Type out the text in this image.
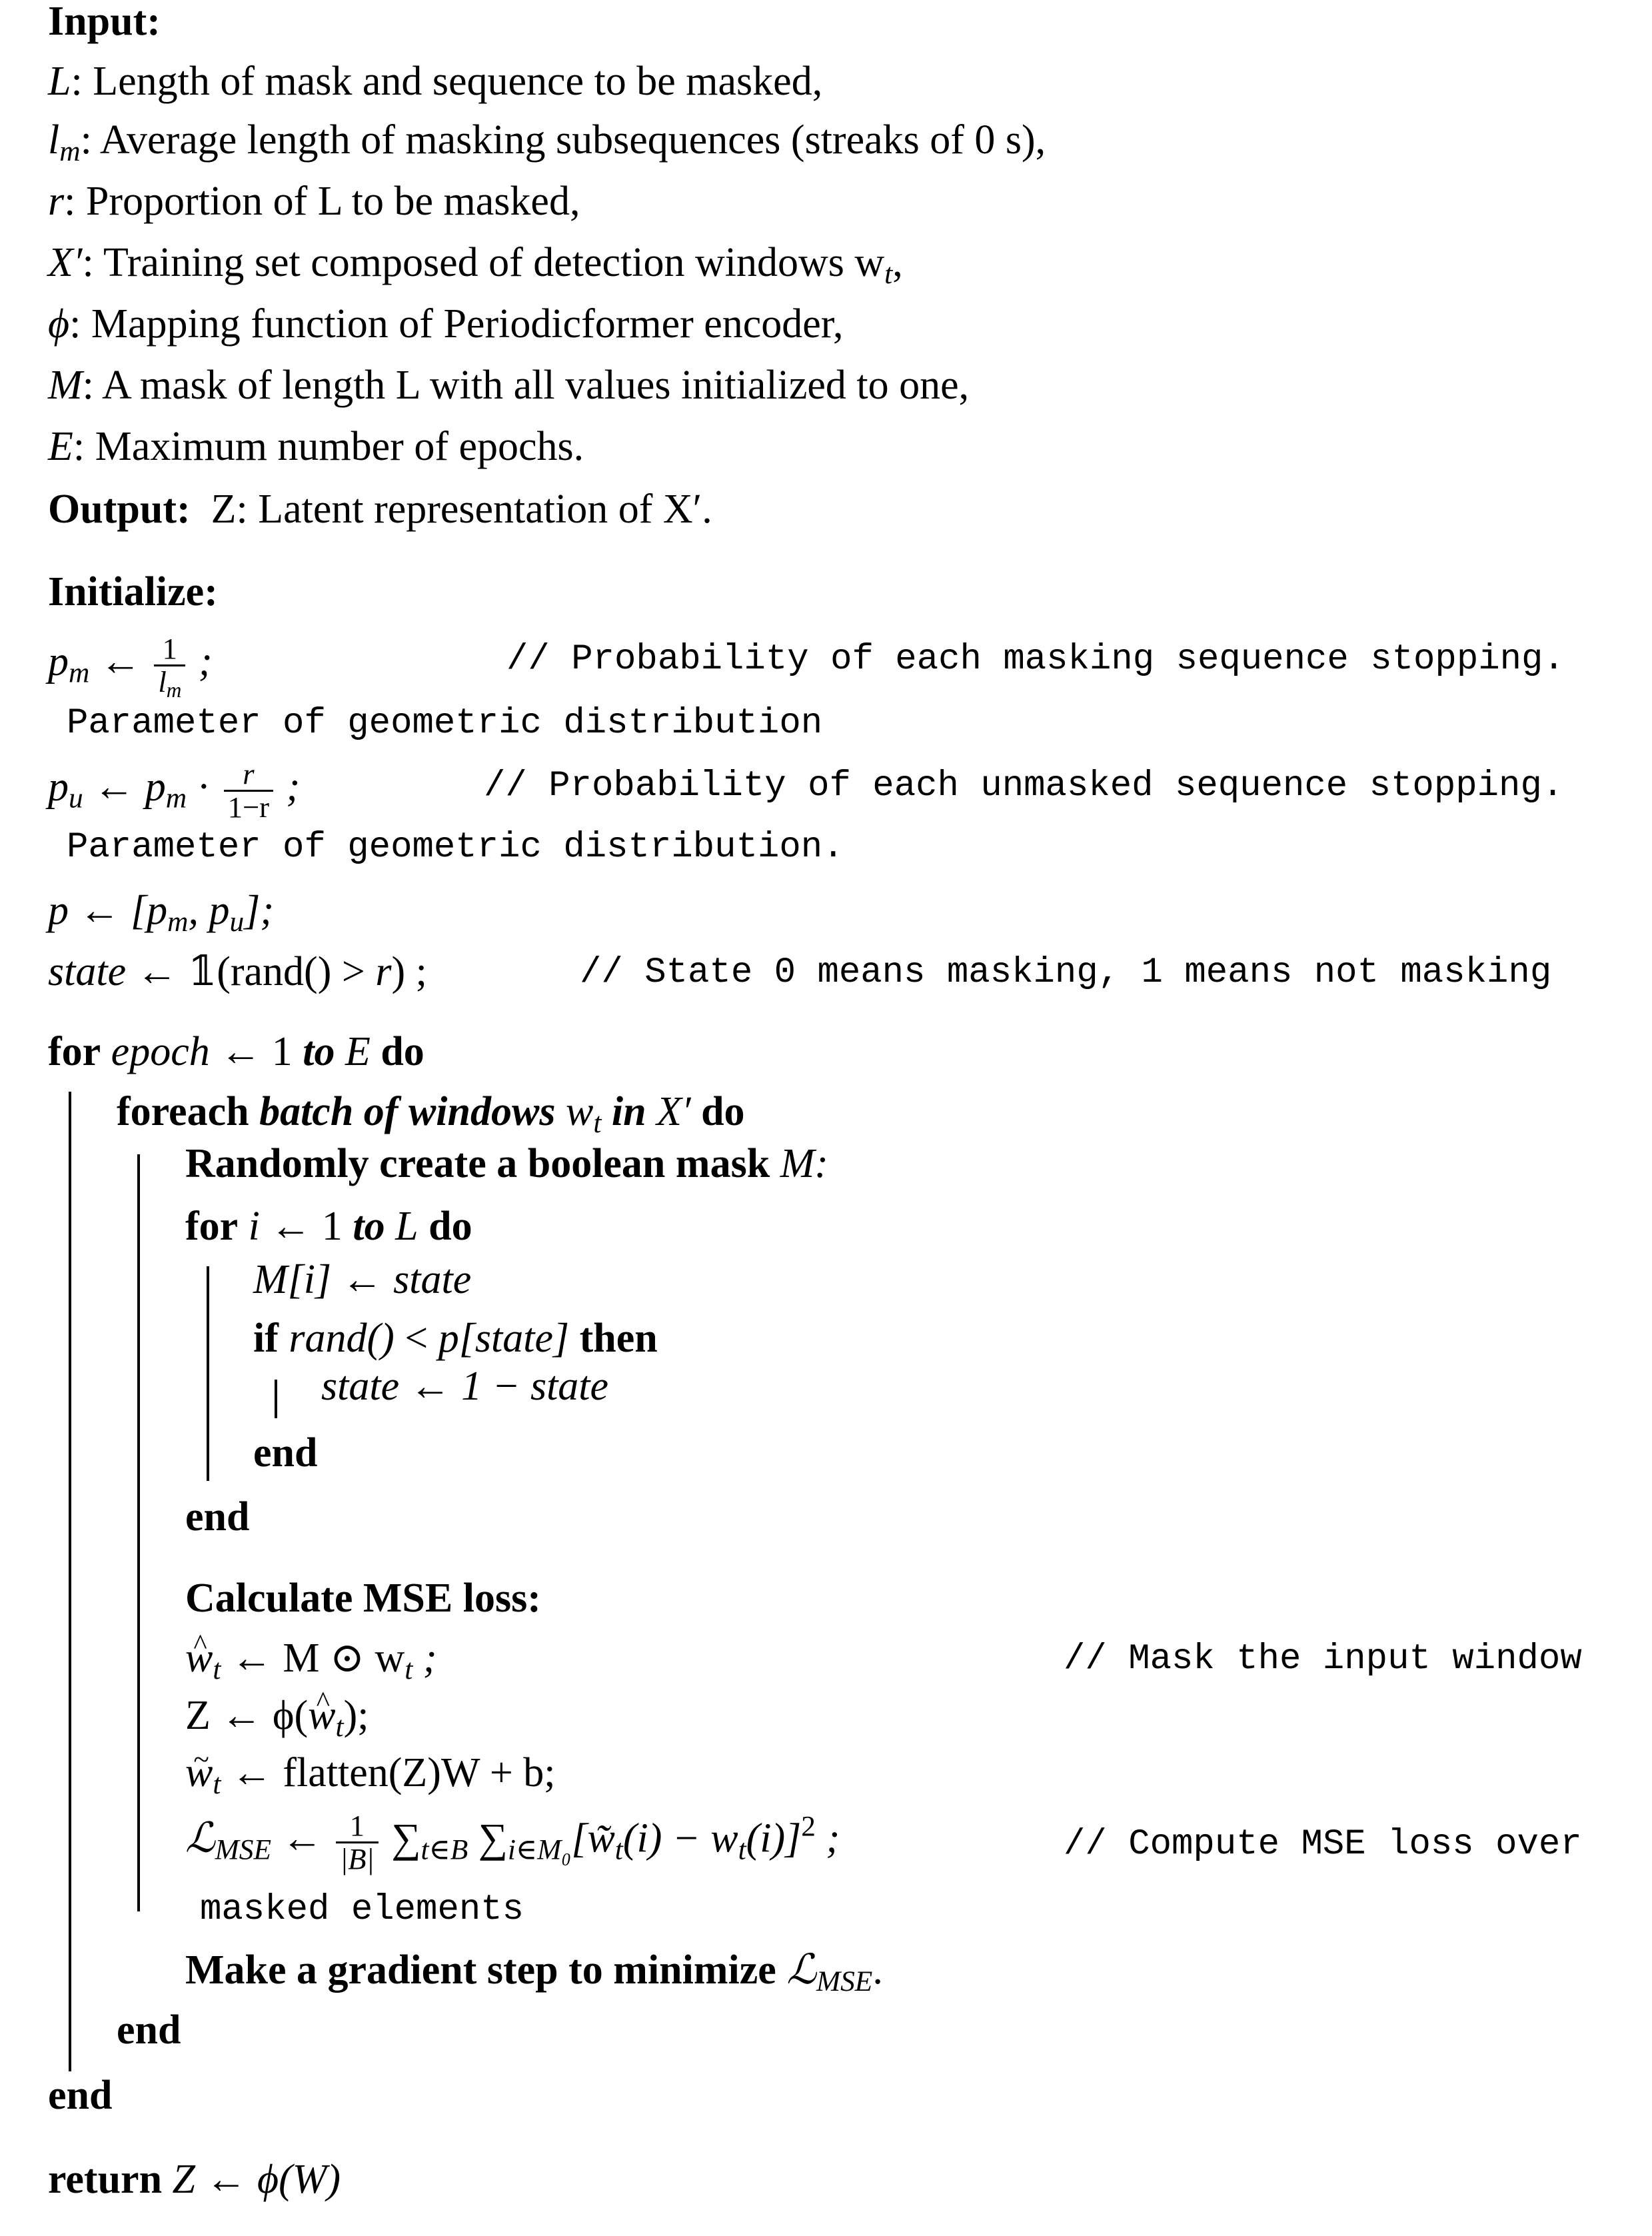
Input:
L: Length of mask and sequence to be masked,
$l_m$: Average length of masking subsequences (streaks of 0 s),
r: Proportion of L to be masked,
X′: Training set composed of detection windows $w_t$,
ϕ: Mapping function of Periodicformer encoder,
M: A mask of length L with all values initialized to one,
E: Maximum number of epochs.
Output: Z: Latent representation of X′.
Initialize:
$p_m$ ← $\frac{1}{l_m}$ ;	// Probability of each masking sequence stopping.
Parameter of geometric distribution
$p_u$ ← $p_m \cdot \frac{r}{1-r}$ ;	// Probability of each unmasked sequence stopping.
Parameter of geometric distribution.
p ← [$p_m$, $p_u$];
state ← 𝟙(rand() > r) ;	// State 0 means masking, 1 means not masking
for epoch ← 1 to E do
foreach batch of windows $w_t$ in X′ do
Randomly create a boolean mask M:
for i ← 1 to L do
M[i] ← state
if rand() < p[state] then
state ← 1 − state
end
end
Calculate MSE loss:
^ $w_t$ ← M ⊙ $w_t$ ;	// Mask the input window
Z ← ϕ(^ $w_t$);
~ $w_t$ ← flatten(Z)W + b;
ℒ$_{MSE}$ ← $\frac{1}{|B|} \sum_{t\in B}$ $\sum_{i\in M_0}[w̃_t(i) - w_t(i)]^2$ ;	// Compute MSE loss over
masked elements
Make a gradient step to minimize ℒ$_{MSE}$.
end
end
return Z ← ϕ(W)
